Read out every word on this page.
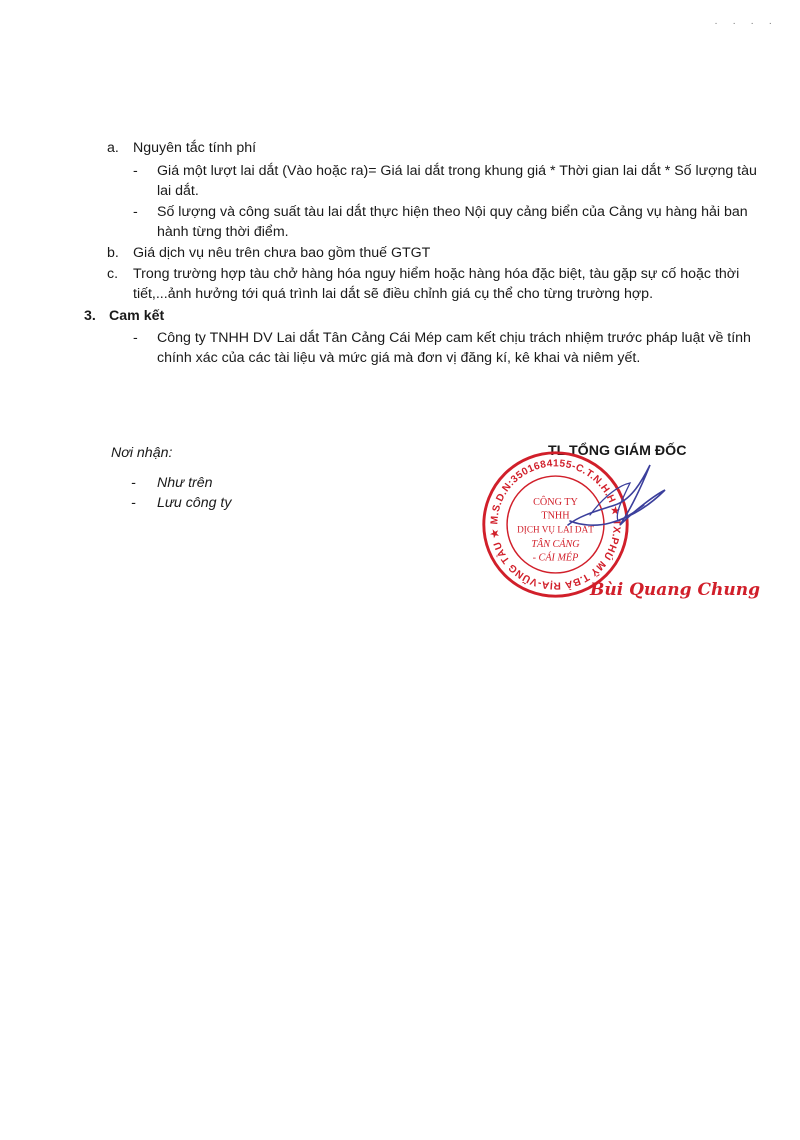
· · · ·
a. Nguyên tắc tính phí
- Giá một lượt lai dắt (Vào hoặc ra)= Giá lai dắt trong khung giá * Thời gian lai dắt * Số lượng tàu
lai dắt.
- Số lượng và công suất tàu lai dắt thực hiện theo Nội quy cảng biển của Cảng vụ hàng hải ban
hành từng thời điểm.
b. Giá dịch vụ nêu trên chưa bao gồm thuế GTGT
c. Trong trường hợp tàu chở hàng hóa nguy hiểm hoặc hàng hóa đặc biệt, tàu gặp sự cố hoặc thời
tiết,...ảnh hưởng tới quá trình lai dắt sẽ điều chỉnh giá cụ thể cho từng trường hợp.
3. Cam kết
- Công ty TNHH DV Lai dắt Tân Cảng Cái Mép cam kết chịu trách nhiệm trước pháp luật về tính
chính xác của các tài liệu và mức giá mà đơn vị đăng kí, kê khai và niêm yết.
Nơi nhận:
- Như trên
- Lưu công ty
TL TỔNG GIÁM ĐỐC
M.S.D.N:3501684155-C.T.N.H.H ★ TX.PHÚ MỸ T.BÀ RỊA-VŨNG TÀU ★
CÔNG TY
TNHH
DỊCH VỤ LAI DẮT
TÂN CẢNG
- CÁI MÉP
Bùi Quang Chung
